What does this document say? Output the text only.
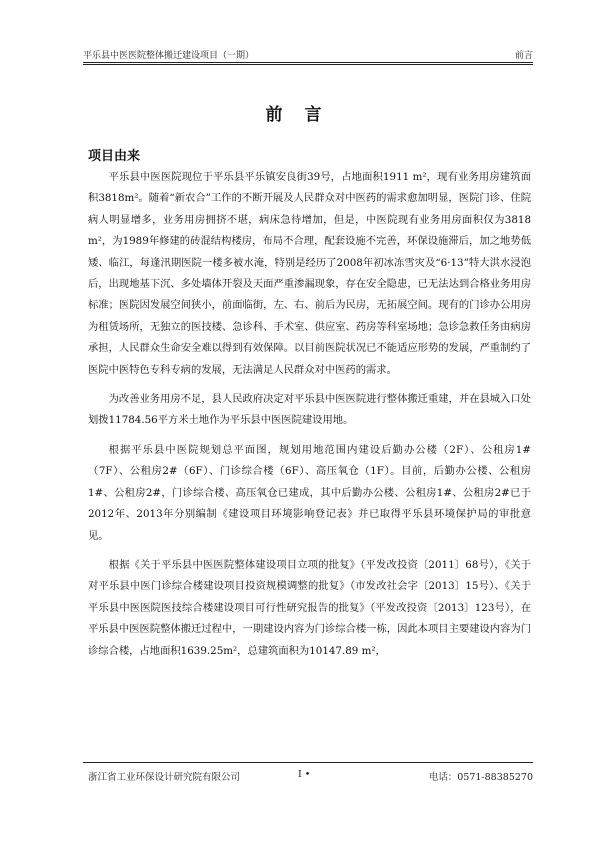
平乐县中医医院整体搬迁建设项目（一期）	前言
前 言
项目由来

平乐县中医医院现位于平乐县平乐镇安良街39号，占地面积1911 m²，现有业务用房建筑面积3818m²。随着“新农合”工作的不断开展及人民群众对中医药的需求愈加明显，医院门诊、住院病人明显增多，业务用房拥挤不堪，病床急待增加，但是，中医院现有业务用房面积仅为3818 m²，为1989年修建的砖混结构楼房，布局不合理，配套设施不完善，环保设施滞后，加之地势低矮、临江，每逢汛期医院一楼多被水淹，特别是经历了2008年初冰冻雪灾及“6·13”特大洪水浸泡后，出现地基下沉、多处墙体开裂及天面严重渗漏现象，存在安全隐患，已无法达到合格业务用房标准；医院因发展空间狭小，前面临街，左、右、前后为民房，无拓展空间。现有的门诊办公用房为租赁场所，无独立的医技楼、急诊科、手术室、供应室、药房等科室场地；急诊急救任务由病房承担，人民群众生命安全难以得到有效保障。以目前医院状况已不能适应形势的发展，严重制约了医院中医特色专科专病的发展，无法满足人民群众对中医药的需求。

为改善业务用房不足，县人民政府决定对平乐县中医医院进行整体搬迁重建，并在县城入口处划拨11784.56平方米土地作为平乐县中医医院建设用地。

根据平乐县中医院规划总平面图，规划用地范围内建设后勤办公楼（2F）、公租房1#（7F）、公租房2#（6F）、门诊综合楼（6F）、高压氧仓（1F）。目前，后勤办公楼、公租房1#、公租房2#，门诊综合楼、高压氧仓已建成，其中后勤办公楼、公租房1#、公租房2#已于2012年、2013年分别编制《建设项目环境影响登记表》并已取得平乐县环境保护局的审批意见。

根据《关于平乐县中医医院整体建设项目立项的批复》（平发改投资〔2011〕68号），《关于对平乐县中医门诊综合楼建设项目投资规模调整的批复》（市发改社会字〔2013〕15号）、《关于平乐县中医医院医技综合楼建设项目可行性研究报告的批复》（平发改投资〔2013〕123号），在平乐县中医医院整体搬迁过程中，一期建设内容为门诊综合楼一栋，因此本项目主要建设内容为门诊综合楼，占地面积1639.25m²，总建筑面积为10147.89 m²，

浙江省工业环保设计研究院有限公司	I •	电话：0571-88385270
